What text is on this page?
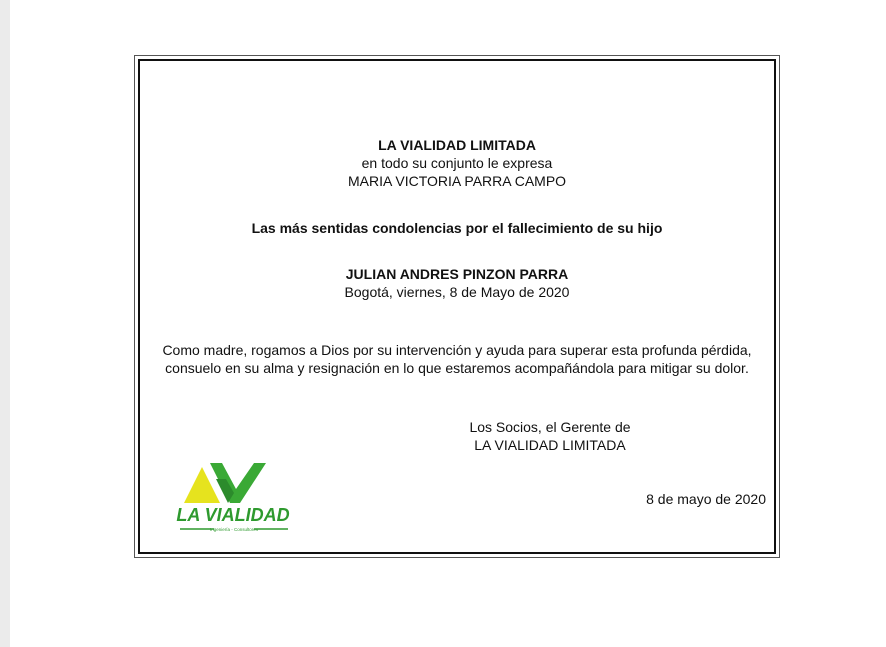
LA VIALIDAD LIMITADA
en todo su conjunto le expresa
MARIA VICTORIA PARRA CAMPO
Las más sentidas condolencias por el fallecimiento de su hijo
JULIAN ANDRES PINZON PARRA
Bogotá, viernes, 8 de Mayo de 2020
Como madre, rogamos a Dios por su intervención y ayuda para superar esta profunda pérdida,
consuelo en su alma y resignación en lo que estaremos acompañándola para mitigar su dolor.
Los Socios, el Gerente de
LA VIALIDAD LIMITADA
8 de mayo de 2020
LA VIALIDAD
Ingeniería - Consultores
